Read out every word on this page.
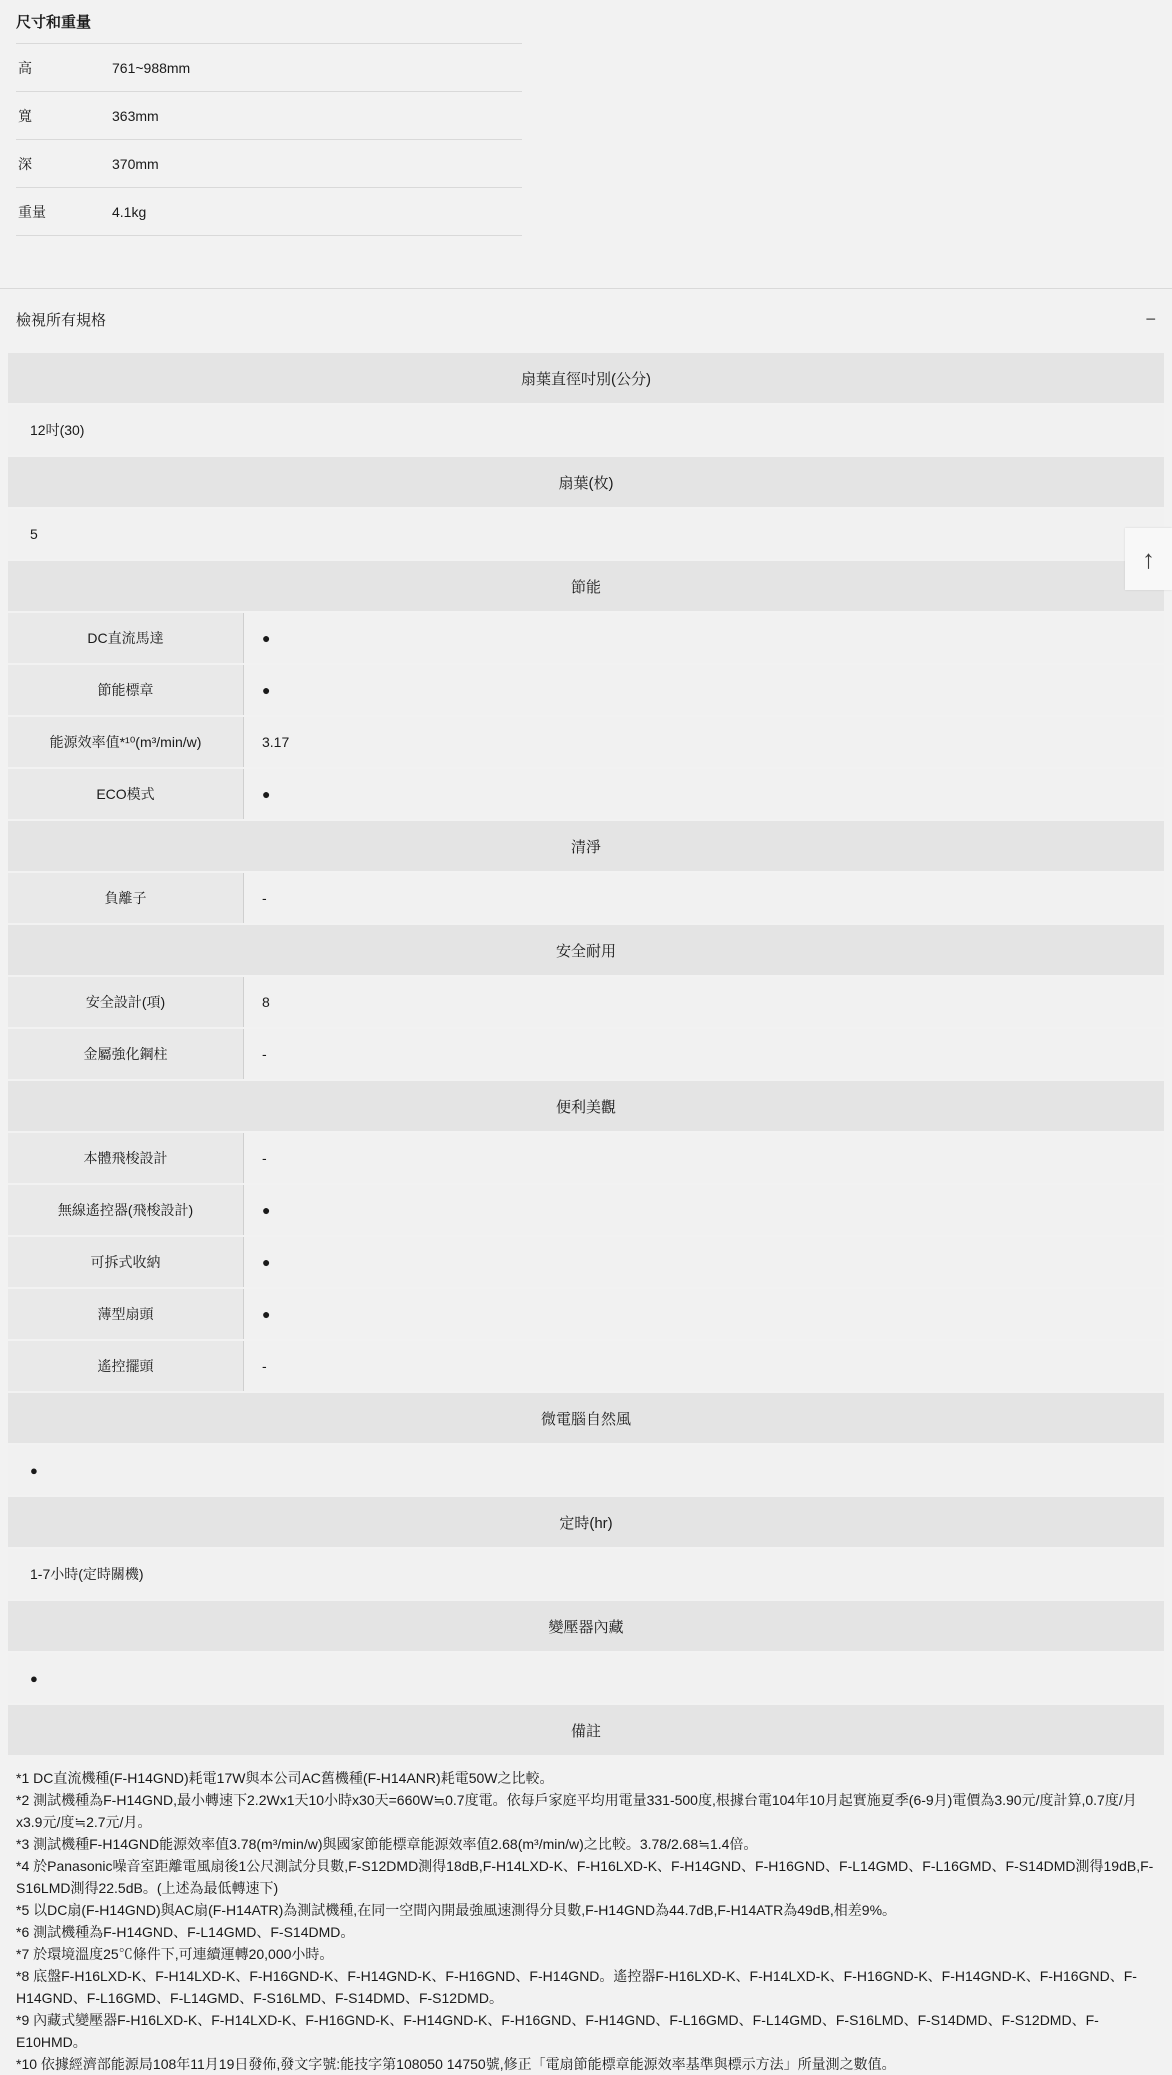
尺寸和重量
高	761~988mm
寬	363mm
深	370mm
重量	4.1kg
檢視所有規格	−
扇葉直徑吋別(公分)
12吋(30)
扇葉(枚)
5
節能
DC直流馬達	●
節能標章	●
能源效率值*¹⁰(m³/min/w)	3.17
ECO模式	●
清淨
負離子	-
安全耐用
安全設計(項)	8
金屬強化鋼柱	-
便利美觀
本體飛梭設計	-
無線遙控器(飛梭設計)	●
可拆式收納	●
薄型扇頭	●
遙控擺頭	-
微電腦自然風
●
定時(hr)
1-7小時(定時關機)
變壓器內藏
●
備註

*1 DC直流機種(F-H14GND)耗電17W與本公司AC舊機種(F-H14ANR)耗電50W之比較。

*2 測試機種為F-H14GND,最小轉速下2.2Wx1天10小時x30天=660W≒0.7度電。依每戶家庭平均用電量331-500度,根據台電104年10月起實施夏季(6-9月)電價為3.90元/度計算,0.7度/月x3.9元/度≒2.7元/月。

*3 測試機種F-H14GND能源效率值3.78(m³/min/w)與國家節能標章能源效率值2.68(m³/min/w)之比較。3.78/2.68≒1.4倍。

*4 於Panasonic噪音室距離電風扇後1公尺測試分貝數,F-S12DMD測得18dB,F-H14LXD-K、F-H16LXD-K、F-H14GND、F-H16GND、F-L14GMD、F-L16GMD、F-S14DMD測得19dB,F-S16LMD測得22.5dB。(上述為最低轉速下)

*5 以DC扇(F-H14GND)與AC扇(F-H14ATR)為測試機種,在同一空間內開最強風速測得分貝數,F-H14GND為44.7dB,F-H14ATR為49dB,相差9%。

*6 測試機種為F-H14GND、F-L14GMD、F-S14DMD。

*7 於環境溫度25℃條件下,可連續運轉20,000小時。

*8 底盤F-H16LXD-K、F-H14LXD-K、F-H16GND-K、F-H14GND-K、F-H16GND、F-H14GND。遙控器F-H16LXD-K、F-H14LXD-K、F-H16GND-K、F-H14GND-K、F-H16GND、F-H14GND、F-L16GMD、F-L14GMD、F-S16LMD、F-S14DMD、F-S12DMD。

*9 內藏式變壓器F-H16LXD-K、F-H14LXD-K、F-H16GND-K、F-H14GND-K、F-H16GND、F-H14GND、F-L16GMD、F-L14GMD、F-S16LMD、F-S14DMD、F-S12DMD、F-E10HMD。

*10 依據經濟部能源局108年11月19日發佈,發文字號:能技字第108050 14750號,修正「電扇節能標章能源效率基準與標示方法」所量測之數值。

↑
